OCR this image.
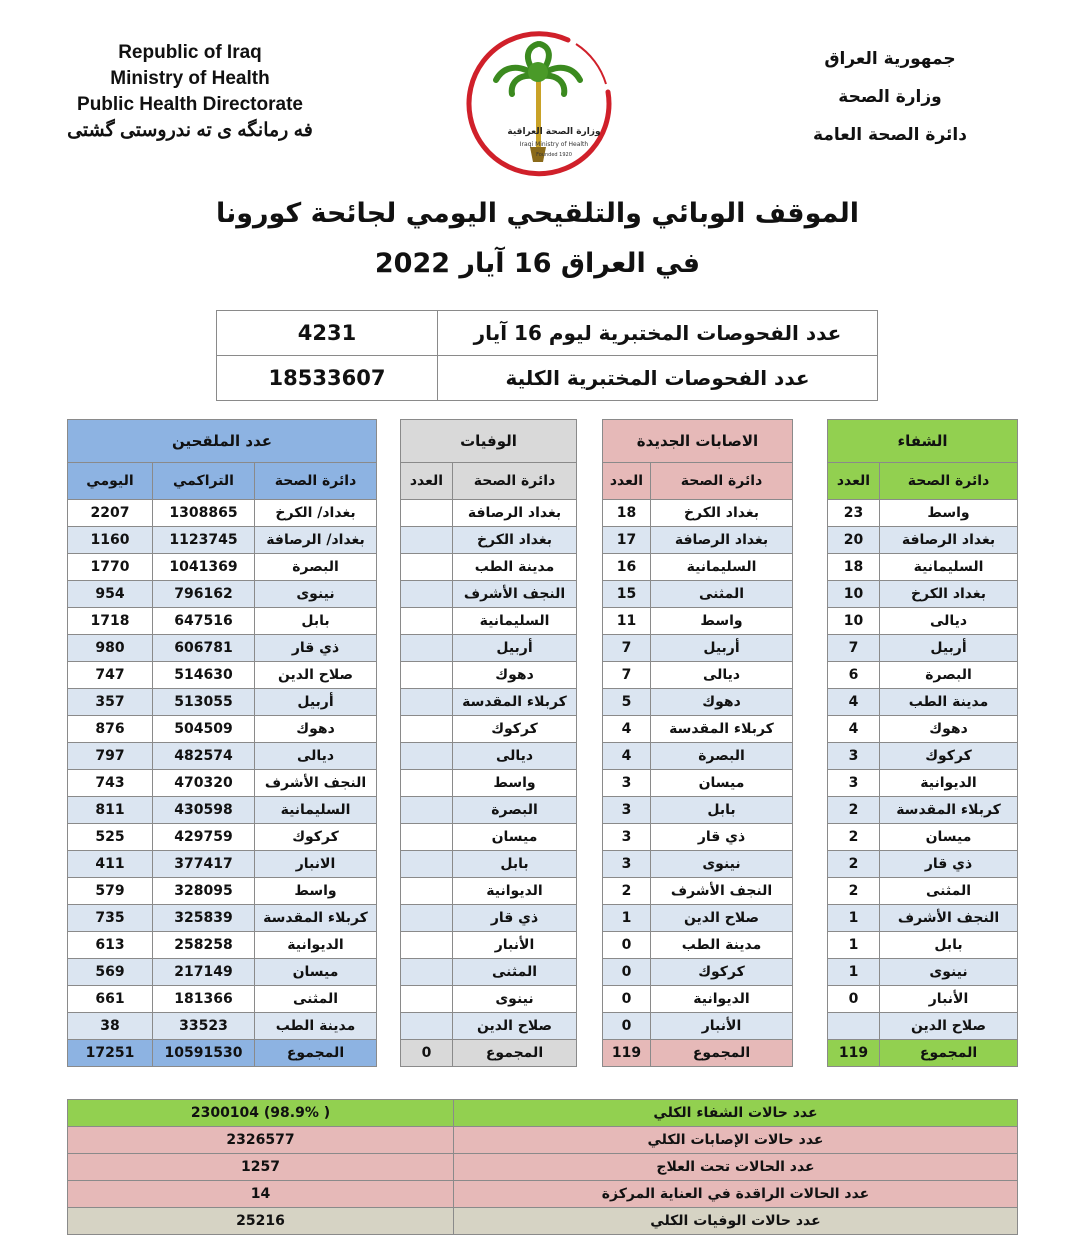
Republic of Iraq
Ministry of Health
Public Health Directorate
فه رمانگه ی ته ندروستی گشتی	وزارة الصحة العراقية
Iraqi Ministry of Health
Founded 1920
جمهورية العراق
وزارة الصحة
دائرة الصحة العامة
الموقف الوبائي والتلقيحي اليومي لجائحة كورونا
في العراق 16 آيار 2022
4231	عدد الفحوصات المختبرية ليوم 16 آيار
18533607	عدد الفحوصات المختبرية الكلية
عدد الملقحين				الوفيات			الاصابات الجديدة			الشفاء	
اليومي	التراكمي	دائرة الصحة		العدد	دائرة الصحة		العدد	دائرة الصحة		العدد	دائرة الصحة
2207	1308865	بغداد/ الكرخ			بغداد الرصافة		18	بغداد الكرخ		23	واسط
1160	1123745	بغداد/ الرصافة			بغداد الكرخ		17	بغداد الرصافة		20	بغداد الرصافة
1770	1041369	البصرة			مدينة الطب		16	السليمانية		18	السليمانية
954	796162	نينوى			النجف الأشرف		15	المثنى		10	بغداد الكرخ
1718	647516	بابل			السليمانية		11	واسط		10	ديالى
980	606781	ذي قار			أربيل		7	أربيل		7	أربيل
747	514630	صلاح الدين			دهوك		7	ديالى		6	البصرة
357	513055	أربيل			كربلاء المقدسة		5	دهوك		4	مدينة الطب
876	504509	دهوك			كركوك		4	كربلاء المقدسة		4	دهوك
797	482574	ديالى			ديالى		4	البصرة		3	كركوك
743	470320	النجف الأشرف			واسط		3	ميسان		3	الديوانية
811	430598	السليمانية			البصرة		3	بابل		2	كربلاء المقدسة
525	429759	كركوك			ميسان		3	ذي قار		2	ميسان
411	377417	الانبار			بابل		3	نينوى		2	ذي قار
579	328095	واسط			الديوانية		2	النجف الأشرف		2	المثنى
735	325839	كربلاء المقدسة			ذي قار		1	صلاح الدين		1	النجف الأشرف
613	258258	الديوانية			الأنبار		0	مدينة الطب		1	بابل
569	217149	ميسان			المثنى		0	كركوك		1	نينوى
661	181366	المثنى			نينوى		0	الديوانية		0	الأنبار
38	33523	مدينة الطب			صلاح الدين		0	الأنبار			صلاح الدين
17251	10591530	المجموع		0	المجموع		119	المجموع		119	المجموع
2300104 (98.9% )	عدد حالات الشفاء الكلي
2326577	عدد حالات الإصابات الكلي
1257	عدد الحالات تحت العلاج
14	عدد الحالات الراقدة في العناية المركزة
25216	عدد حالات الوفيات الكلي
